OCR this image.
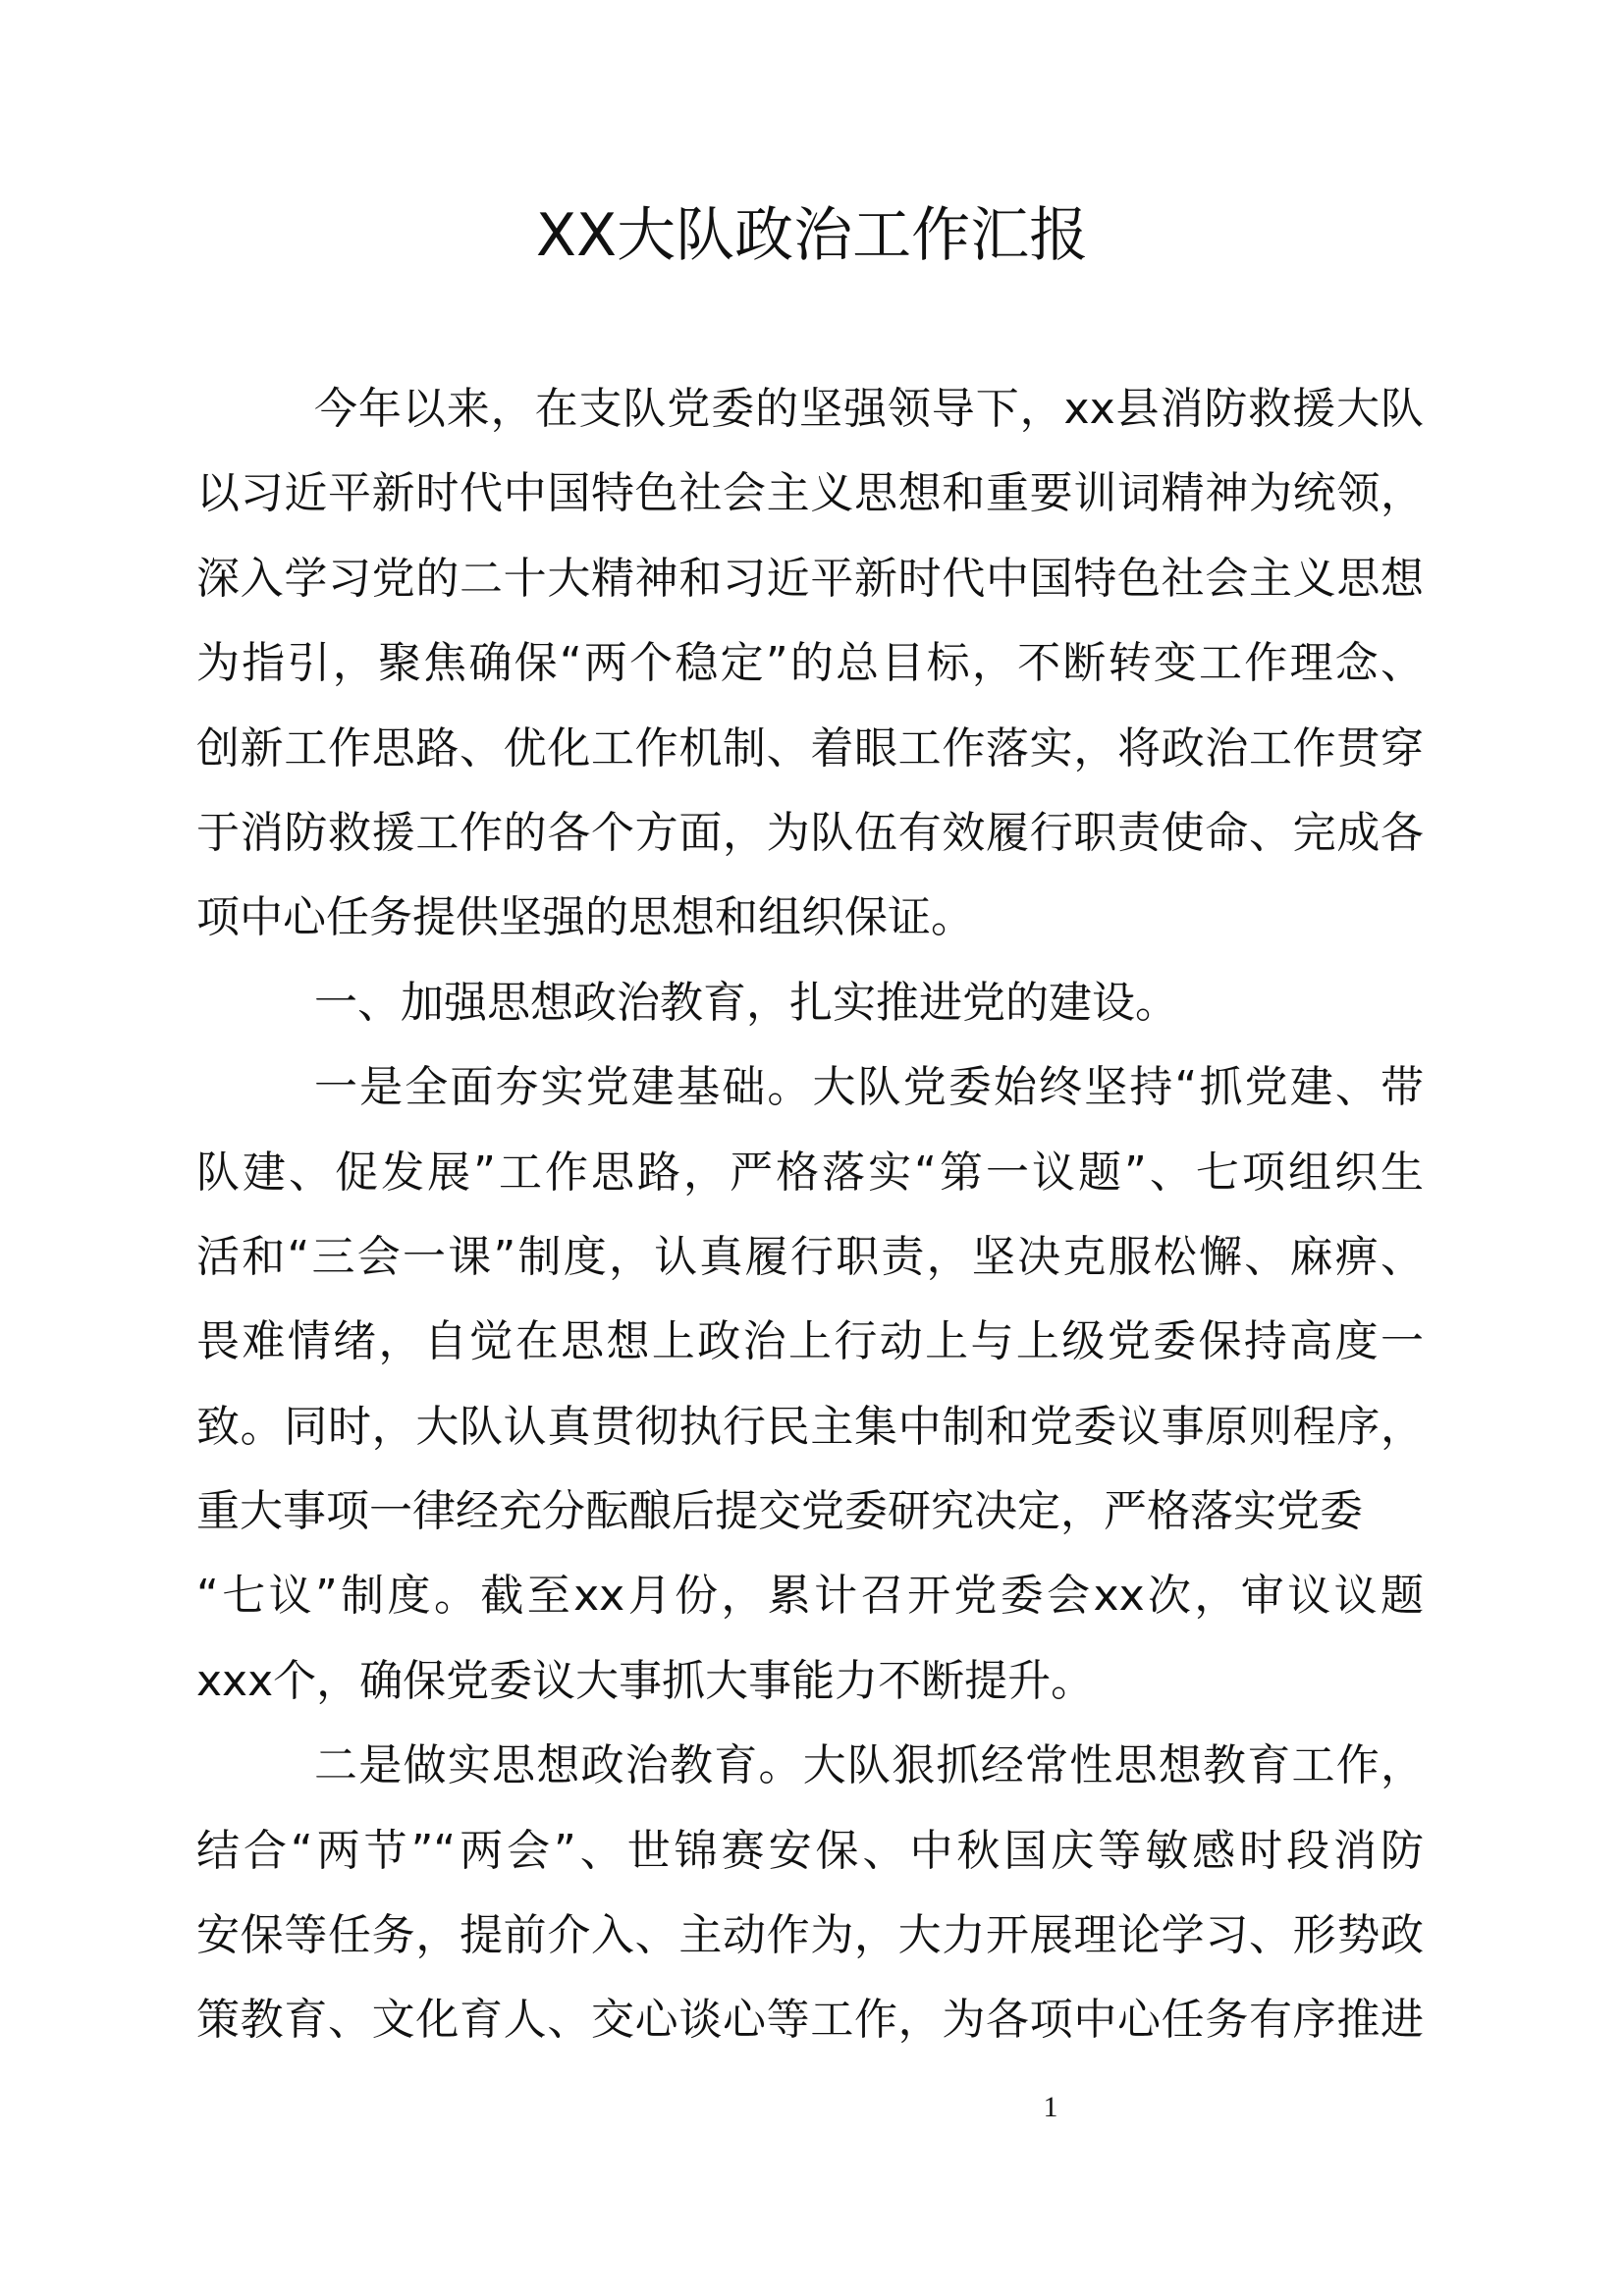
XX大队政治工作汇报
今年以来，在支队党委的坚强领导下，xx县消防救援大队
以习近平新时代中国特色社会主义思想和重要训词精神为统领，
深入学习党的二十大精神和习近平新时代中国特色社会主义思想
为指引，聚焦确保“两个稳定”的总目标，不断转变工作理念、
创新工作思路、优化工作机制、着眼工作落实，将政治工作贯穿
于消防救援工作的各个方面，为队伍有效履行职责使命、完成各
项中心任务提供坚强的思想和组织保证。
一、加强思想政治教育，扎实推进党的建设。
一是全面夯实党建基础。大队党委始终坚持“抓党建、带
队建、促发展”工作思路，严格落实“第一议题”、七项组织生
活和“三会一课”制度，认真履行职责，坚决克服松懈、麻痹、
畏难情绪，自觉在思想上政治上行动上与上级党委保持高度一
致。同时，大队认真贯彻执行民主集中制和党委议事原则程序，
重大事项一律经充分酝酿后提交党委研究决定，严格落实党委
“七议”制度。截至xx月份，累计召开党委会xx次，审议议题
xxx个，确保党委议大事抓大事能力不断提升。
二是做实思想政治教育。大队狠抓经常性思想教育工作，
结合“两节”“两会”、世锦赛安保、中秋国庆等敏感时段消防
安保等任务，提前介入、主动作为，大力开展理论学习、形势政
策教育、文化育人、交心谈心等工作，为各项中心任务有序推进
1
